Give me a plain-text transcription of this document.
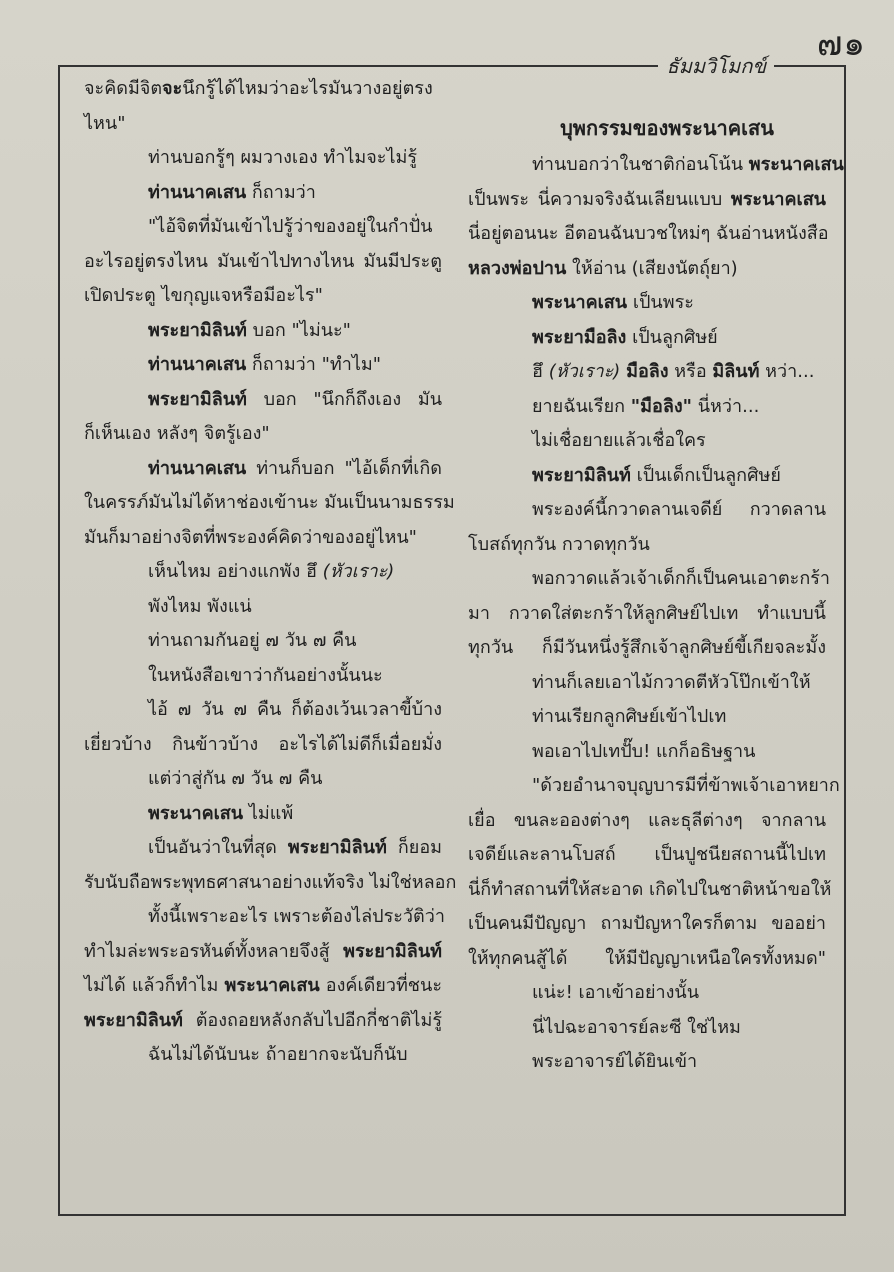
๗๑
ธัมมวิโมกข์
จะคิดมีจิตจะนึกรู้ได้ไหมว่าอะไรมันวางอยู่ตรง
ไหน"
ท่านบอกรู้ๆ ผมวางเอง ทำไมจะไม่รู้
ท่านนาคเสน ก็ถามว่า
"ไอ้จิตที่มันเข้าไปรู้ว่าของอยู่ในกำปั่น
อะไรอยู่ตรงไหน มันเข้าไปทางไหน มันมีประตู
เปิดประตู ไขกุญแจหรือมีอะไร"
พระยามิลินท์ บอก "ไม่นะ"
ท่านนาคเสน ก็ถามว่า "ทำไม"
พระยามิลินท์ บอก "นึกก็ถึงเอง มัน
ก็เห็นเอง หลังๆ จิตรู้เอง"
ท่านนาคเสน ท่านก็บอก "ไอ้เด็กที่เกิด
ในครรภ์มันไม่ได้หาช่องเข้านะ มันเป็นนามธรรม
มันก็มาอย่างจิตที่พระองค์คิดว่าของอยู่ไหน"
เห็นไหม อย่างแกพัง ฮึ (หัวเราะ)
พังไหม พังแน่
ท่านถามกันอยู่ ๗ วัน ๗ คืน
ในหนังสือเขาว่ากันอย่างนั้นนะ
ไอ้ ๗ วัน ๗ คืน ก็ต้องเว้นเวลาขี้บ้าง
เยี่ยวบ้าง กินข้าวบ้าง อะไรได้ไม่ดีก็เมื่อยมั่ง
แต่ว่าสู่กัน ๗ วัน ๗ คืน
พระนาคเสน ไม่แพ้
เป็นอันว่าในที่สุด พระยามิลินท์ ก็ยอม
รับนับถือพระพุทธศาสนาอย่างแท้จริง ไม่ใช่หลอก
ทั้งนี้เพราะอะไร เพราะต้องไล่ประวัติว่า
ทำไมล่ะพระอรหันต์ทั้งหลายจึงสู้ พระยามิลินท์
ไม่ได้ แล้วก็ทำไม พระนาคเสน องค์เดียวที่ชนะ
พระยามิลินท์ ต้องถอยหลังกลับไปอีกกี่ชาติไม่รู้
ฉันไม่ได้นับนะ ถ้าอยากจะนับก็นับ
บุพกรรมของพระนาคเสน
ท่านบอกว่าในชาติก่อนโน้น พระนาคเสน
เป็นพระ นี่ความจริงฉันเลียนแบบ พระนาคเสน
นี่อยู่ตอนนะ อีตอนฉันบวชใหม่ๆ ฉันอ่านหนังสือ
หลวงพ่อปาน ให้อ่าน (เสียงนัตถุ์ยา)
พระนาคเสน เป็นพระ
พระยามือลิง เป็นลูกศิษย์
ฮึ (หัวเราะ) มือลิง หรือ มิลินท์ หว่า...
ยายฉันเรียก "มือลิง" นี่หว่า...
ไม่เชื่อยายแล้วเชื่อใคร
พระยามิลินท์ เป็นเด็กเป็นลูกศิษย์
พระองค์นี้กวาดลานเจดีย์ กวาดลาน
โบสถ์ทุกวัน กวาดทุกวัน
พอกวาดแล้วเจ้าเด็กก็เป็นคนเอาตะกร้า
มา กวาดใส่ตะกร้าให้ลูกศิษย์ไปเท ทำแบบนี้
ทุกวัน ก็มีวันหนึ่งรู้สึกเจ้าลูกศิษย์ขี้เกียจละมั้ง
ท่านก็เลยเอาไม้กวาดตีหัวโป๊กเข้าให้
ท่านเรียกลูกศิษย์เข้าไปเท
พอเอาไปเทปั๊บ! แกก็อธิษฐาน
"ด้วยอำนาจบุญบารมีที่ข้าพเจ้าเอาหยาก
เยื่อ ขนละอองต่างๆ และธุลีต่างๆ จากลาน
เจดีย์และลานโบสถ์ เป็นปูชนียสถานนี้ไปเท
นี่ก็ทำสถานที่ให้สะอาด เกิดไปในชาติหน้าขอให้
เป็นคนมีปัญญา ถามปัญหาใครก็ตาม ขออย่า
ให้ทุกคนสู้ได้ ให้มีปัญญาเหนือใครทั้งหมด"
แน่ะ! เอาเข้าอย่างนั้น
นี่ไปฉะอาจารย์ละซี ใช่ไหม
พระอาจารย์ได้ยินเข้า
